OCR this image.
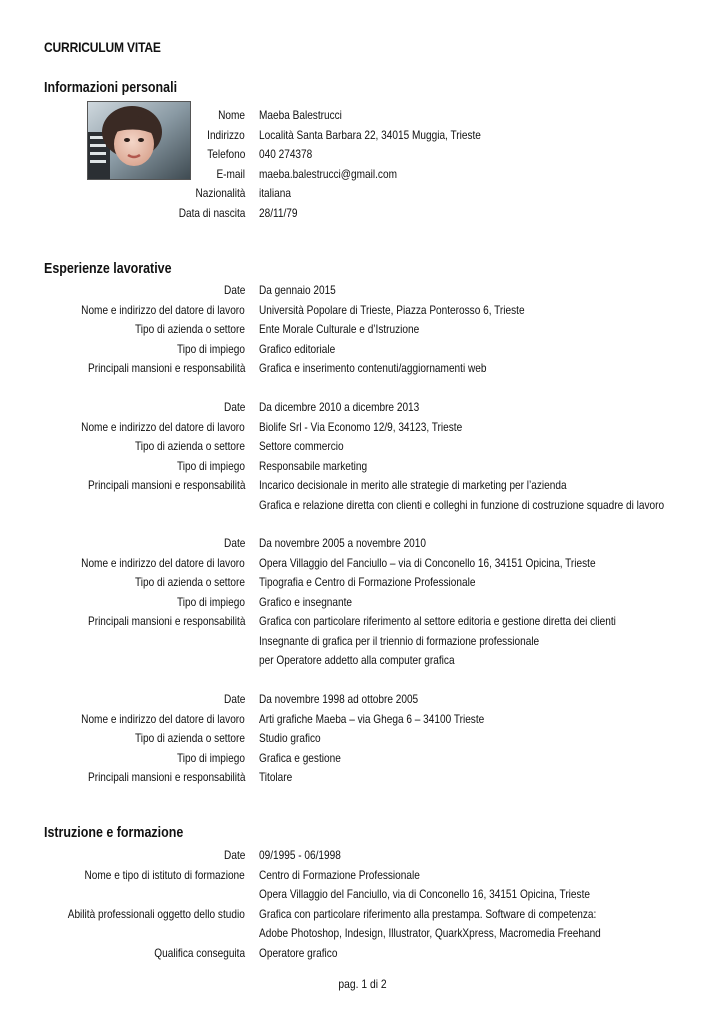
CURRICULUM VITAE
Informazioni personali
Nome Maeba Balestrucci
Indirizzo Località Santa Barbara 22, 34015 Muggia, Trieste
Telefono 040 274378
E-mail maeba.balestrucci@gmail.com
Nazionalità italiana
Data di nascita 28/11/79
Esperienze lavorative
Date Da gennaio 2015
Nome e indirizzo del datore di lavoro Università Popolare di Trieste, Piazza Ponterosso 6, Trieste
Tipo di azienda o settore Ente Morale Culturale e d’Istruzione
Tipo di impiego Grafico editoriale
Principali mansioni e responsabilità Grafica e inserimento contenuti/aggiornamenti web
Date Da dicembre 2010 a dicembre 2013
Nome e indirizzo del datore di lavoro Biolife Srl - Via Economo 12/9, 34123, Trieste
Tipo di azienda o settore Settore commercio
Tipo di impiego Responsabile marketing
Principali mansioni e responsabilità Incarico decisionale in merito alle strategie di marketing per l’azienda
Grafica e relazione diretta con clienti e colleghi in funzione di costruzione squadre di lavoro
Date Da novembre 2005 a novembre 2010
Nome e indirizzo del datore di lavoro Opera Villaggio del Fanciullo – via di Conconello 16, 34151 Opicina, Trieste
Tipo di azienda o settore Tipografia e Centro di Formazione Professionale
Tipo di impiego Grafico e insegnante
Principali mansioni e responsabilità Grafica con particolare riferimento al settore editoria e gestione diretta dei clienti
Insegnante di grafica per il triennio di formazione professionale
per Operatore addetto alla computer grafica
Date Da novembre 1998 ad ottobre 2005
Nome e indirizzo del datore di lavoro Arti grafiche Maeba – via Ghega 6 – 34100 Trieste
Tipo di azienda o settore Studio grafico
Tipo di impiego Grafica e gestione
Principali mansioni e responsabilità Titolare
Istruzione e formazione
Date 09/1995 - 06/1998
Nome e tipo di istituto di formazione Centro di Formazione Professionale
Opera Villaggio del Fanciullo, via di Conconello 16, 34151 Opicina, Trieste
Abilità professionali oggetto dello studio Grafica con particolare riferimento alla prestampa. Software di competenza:
Adobe Photoshop, Indesign, Illustrator, QuarkXpress, Macromedia Freehand
Qualifica conseguita Operatore grafico
pag. 1 di 2
